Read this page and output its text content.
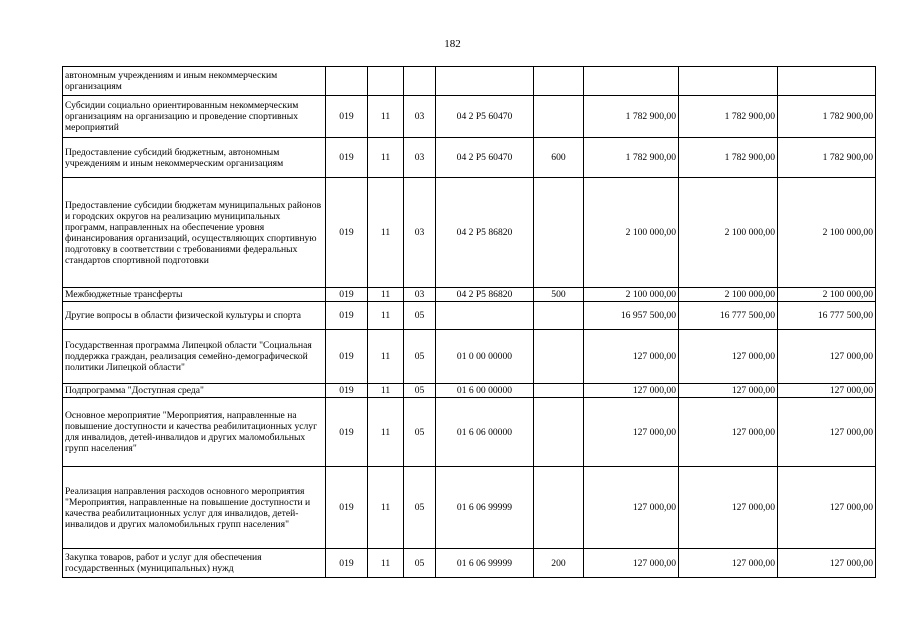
182
автономным учреждениям и иным некоммерческим организациям								
Субсидии социально ориентированным некоммерческим организациям на организацию и проведение спортивных мероприятий	019	11	03	04 2 P5 60470		1 782 900,00	1 782 900,00	1 782 900,00
Предоставление субсидий бюджетным, автономным учреждениям и иным некоммерческим организациям	019	11	03	04 2 P5 60470	600	1 782 900,00	1 782 900,00	1 782 900,00
Предоставление субсидии бюджетам муниципальных районов и городских округов на реализацию муниципальных программ, направленных на обеспечение уровня финансирования организаций, осуществляющих спортивную подготовку в соответствии с требованиями федеральных стандартов спортивной подготовки	019	11	03	04 2 P5 86820		2 100 000,00	2 100 000,00	2 100 000,00
Межбюджетные трансферты	019	11	03	04 2 P5 86820	500	2 100 000,00	2 100 000,00	2 100 000,00
Другие вопросы в области физической культуры и спорта	019	11	05			16 957 500,00	16 777 500,00	16 777 500,00
Государственная программа Липецкой области "Социальная поддержка граждан, реализация семейно-демографической политики Липецкой области"	019	11	05	01 0 00 00000		127 000,00	127 000,00	127 000,00
Подпрограмма "Доступная среда"	019	11	05	01 6 00 00000		127 000,00	127 000,00	127 000,00
Основное мероприятие "Мероприятия, направленные на повышение доступности и качества реабилитационных услуг для инвалидов, детей-инвалидов и других маломобильных групп населения"	019	11	05	01 6 06 00000		127 000,00	127 000,00	127 000,00
Реализация направления расходов основного мероприятия "Мероприятия, направленные на повышение доступности и качества реабилитационных услуг для инвалидов, детей-инвалидов и других маломобильных групп населения"	019	11	05	01 6 06 99999		127 000,00	127 000,00	127 000,00
Закупка товаров, работ и услуг для обеспечения государственных (муниципальных) нужд	019	11	05	01 6 06 99999	200	127 000,00	127 000,00	127 000,00
